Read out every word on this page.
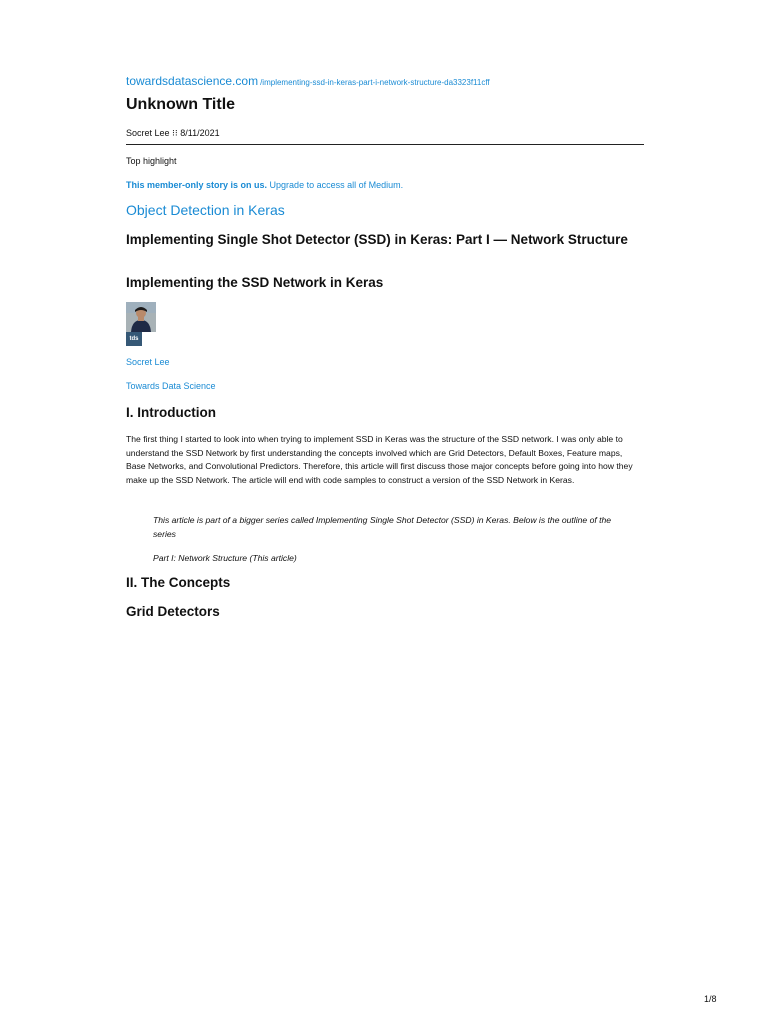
towardsdatascience.com /implementing-ssd-in-keras-part-i-network-structure-da3323f11cff
Unknown Title
Socret Lee ⁝⁝ 8/11/2021
Top highlight
This member-only story is on us. Upgrade to access all of Medium.
Object Detection in Keras
Implementing Single Shot Detector (SSD) in Keras: Part I — Network Structure
Implementing the SSD Network in Keras
tds
Socret Lee
Towards Data Science
I. Introduction

The first thing I started to look into when trying to implement SSD in Keras was the structure of the SSD network. I was only able to understand the SSD Network by first understanding the concepts involved which are Grid Detectors, Default Boxes, Feature maps, Base Networks, and Convolutional Predictors. Therefore, this article will first discuss those major concepts before going into how they make up the SSD Network. The article will end with code samples to construct a version of the SSD Network in Keras.

This article is part of a bigger series called Implementing Single Shot Detector (SSD) in Keras. Below is the outline of the series

Part I: Network Structure (This article)

II. The Concepts
Grid Detectors
1/8
